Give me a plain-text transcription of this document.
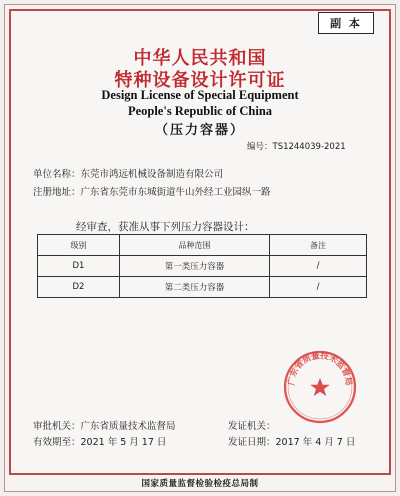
副 本
中华人民共和国
特种设备设计许可证
Design License of Special Equipment
People's Republic of China
（压力容器）
编号：TS1244039-2021
单位名称：东莞市鸿远机械设备制造有限公司
注册地址：广东省东莞市东城街道牛山外经工业园纵一路
经审查，获准从事下列压力容器设计：
级别	品种范围	备注
D1	第一类压力容器	/
D2	第二类压力容器	/
广东省质量技术监督局
审批机关：广东省质量技术监督局
有效期至：2021 年 5 月 17 日
发证机关：
发证日期：2017 年 4 月 7 日
国家质量监督检验检疫总局制
